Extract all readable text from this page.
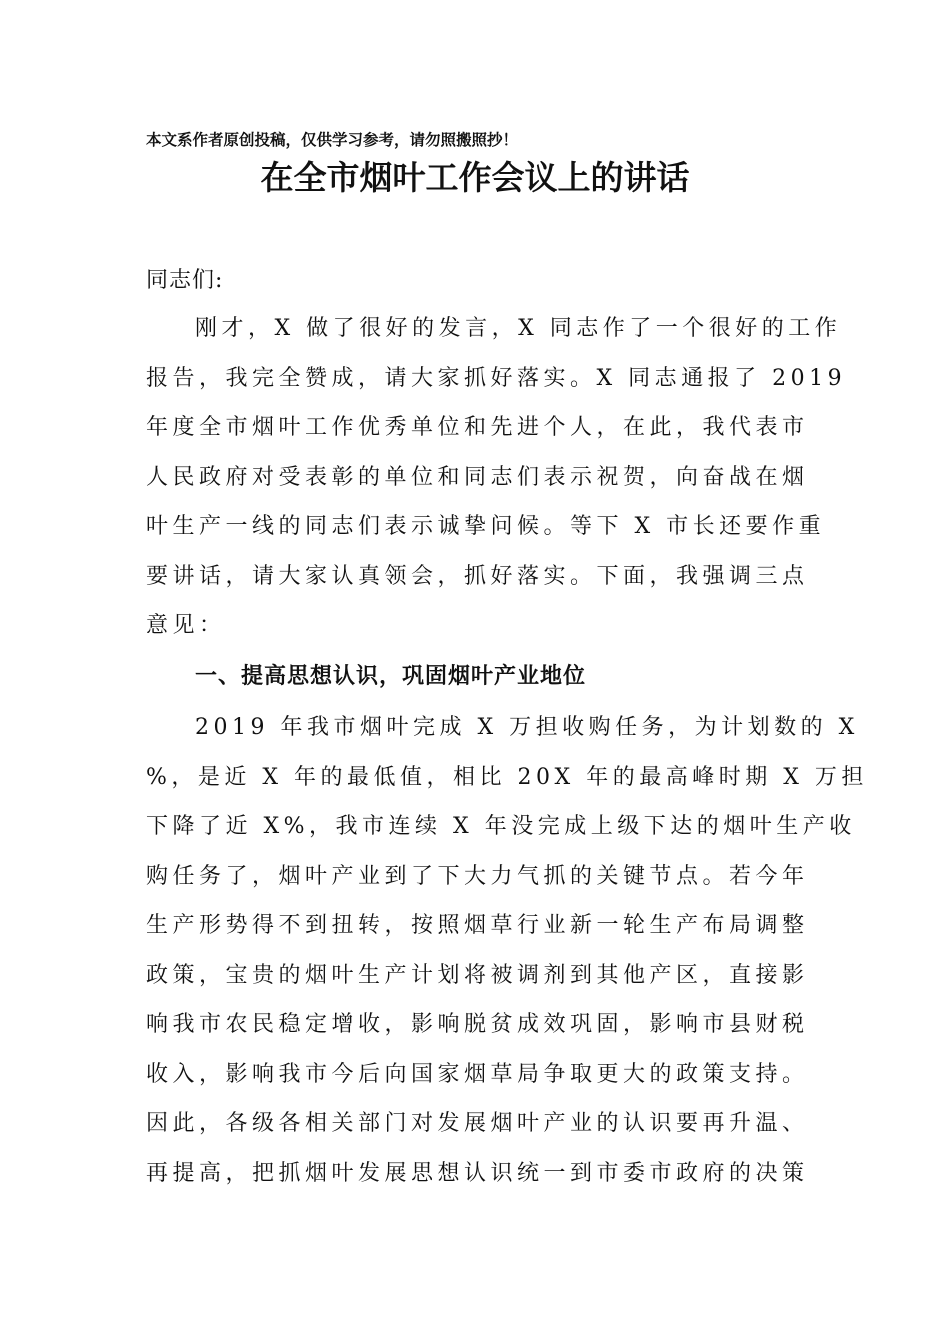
本文系作者原创投稿，仅供学习参考，请勿照搬照抄！
在全市烟叶工作会议上的讲话
同志们:
刚才，X 做了很好的发言，X 同志作了一个很好的工作
报告，我完全赞成，请大家抓好落实。X 同志通报了 2019
年度全市烟叶工作优秀单位和先进个人，在此，我代表市
人民政府对受表彰的单位和同志们表示祝贺，向奋战在烟
叶生产一线的同志们表示诚挚问候。等下 X 市长还要作重
要讲话，请大家认真领会，抓好落实。下面，我强调三点
意见：
一、提高思想认识，巩固烟叶产业地位
2019 年我市烟叶完成 X 万担收购任务，为计划数的 X
%，是近 X 年的最低值，相比 20X 年的最高峰时期 X 万担
下降了近 X%，我市连续 X 年没完成上级下达的烟叶生产收
购任务了，烟叶产业到了下大力气抓的关键节点。若今年
生产形势得不到扭转，按照烟草行业新一轮生产布局调整
政策，宝贵的烟叶生产计划将被调剂到其他产区，直接影
响我市农民稳定增收，影响脱贫成效巩固，影响市县财税
收入，影响我市今后向国家烟草局争取更大的政策支持。
因此，各级各相关部门对发展烟叶产业的认识要再升温、
再提高，把抓烟叶发展思想认识统一到市委市政府的决策
